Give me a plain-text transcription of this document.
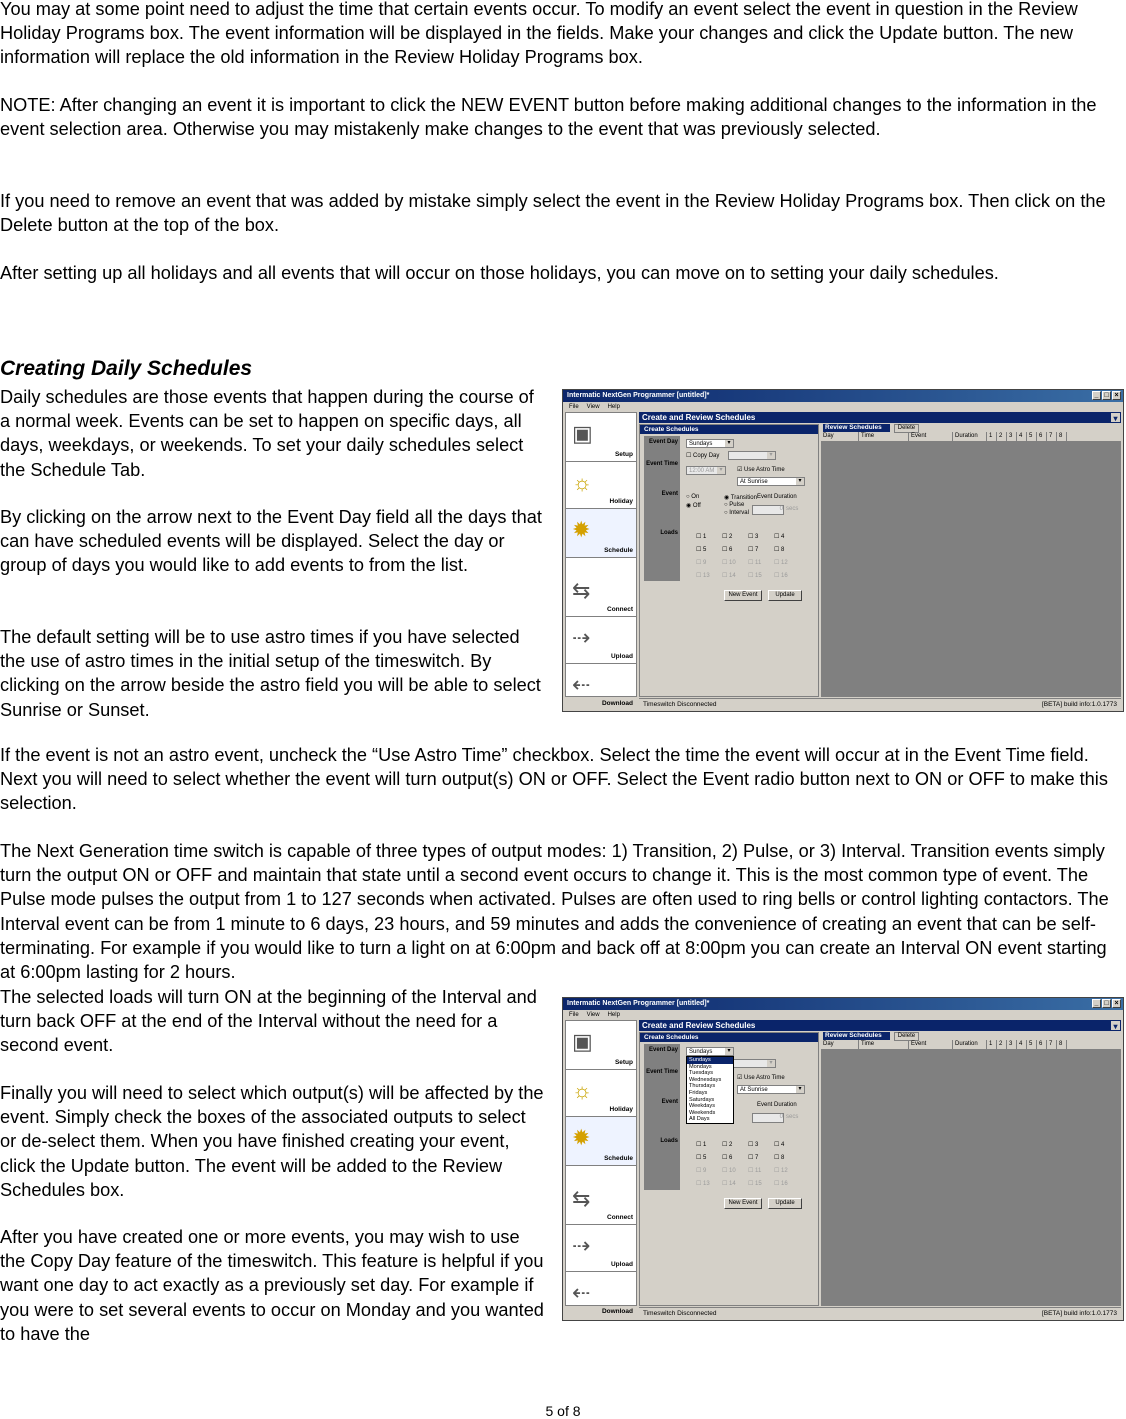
You may at some point need to adjust the time that certain events occur. To modify an event select the event in question in the Review Holiday Programs box. The event information will be displayed in the fields. Make your changes and click the Update button. The new information will replace the old information in the Review Holiday Programs box.

NOTE: After changing an event it is important to click the NEW EVENT button before making additional changes to the information in the event selection area. Otherwise you may mistakenly make changes to the event that was previously selected.

If you need to remove an event that was added by mistake simply select the event in the Review Holiday Programs box. Then click on the Delete button at the top of the box.

After setting up all holidays and all events that will occur on those holidays, you can move on to setting your daily schedules.

Creating Daily Schedules

Daily schedules are those events that happen during the course of a normal week. Events can be set to happen on specific days, all days, weekdays, or weekends. To set your daily schedules select the Schedule Tab.

By clicking on the arrow next to the Event Day field all the days that can have scheduled events will be displayed. Select the day or group of days you would like to add events to from the list.

The default setting will be to use astro times if you have selected the use of astro times in the initial setup of the timeswitch. By clicking on the arrow beside the astro field you will be able to select Sunrise or Sunset.

If the event is not an astro event, uncheck the “Use Astro Time” checkbox. Select the time the event will occur at in the Event Time field. Next you will need to select whether the event will turn output(s) ON or OFF. Select the Event radio button next to ON or OFF to make this selection.

The Next Generation time switch is capable of three types of output modes: 1) Transition, 2) Pulse, or 3) Interval. Transition events simply turn the output ON or OFF and maintain that state until a second event occurs to change it. This is the most common type of event. The Pulse mode pulses the output from 1 to 127 seconds when activated. Pulses are often used to ring bells or control lighting contactors. The Interval event can be from 1 minute to 6 days, 23 hours, and 59 minutes and adds the convenience of creating an event that can be self-terminating. For example if you would like to turn a light on at 6:00pm and back off at 8:00pm you can create an Interval ON event starting at 6:00pm lasting for 2 hours.

The selected loads will turn ON at the beginning of the Interval and turn back OFF at the end of the Interval without the need for a second event.

Finally you will need to select which output(s) will be affected by the event. Simply check the boxes of the associated outputs to select or de-select them. When you have finished creating your event, click the Update button. The event will be added to the Review Schedules box.

After you have created one or more events, you may wish to use the Copy Day feature of the timeswitch. This feature is helpful if you want one day to act exactly as a previously set day. For example if you were to set several events to occur on Monday and you wanted to have the

5 of 8
Intermatic NextGen Programmer [untitled]*	_ □ ×
File View Help
▣
Setup
☼
Holiday
✹
Schedule
⇆
Connect
⇢
Upload
⇠
Download
Create and Review Schedules	▾
Create Schedules
Event Day
Event Time
Event
Loads
Sundays ▾
☐ Copy Day
▾
12:00 AM ▾	☑ Use Astro Time
At Sunrise ▾
○ On
◉ Off
◉ Transition
○ Pulse
○ Interval
Event Duration
0 secs
☐ 1	☐ 2	☐ 3	☐ 4
☐ 5	☐ 6	☐ 7	☐ 8
☐ 9	☐ 10 ☐ 11 ☐ 12
☐ 13 ☐ 14 ☐ 15 ☐ 16
New Event	Update
Review Schedules	Delete
Day	Time	Event	Duration	1	2	3	4	5	6	7	8
Timeswitch Disconnected	[BETA] build info:1.0.1773
Intermatic NextGen Programmer [untitled]*	_ □ ×
File View Help
▣
Setup
☼
Holiday
✹
Schedule
⇆
Connect
⇢
Upload
⇠
Download
Create and Review Schedules	▾
Create Schedules
Event Day
Event Time
Event
Loads
Sundays ▾
▾
☑ Use Astro Time
At Sunrise ▾
Event Duration
0 secs
Sundays
Mondays
Tuesdays
Wednesdays
Thursdays
Fridays
Saturdays
Weekdays
Weekends
All Days
☐ 1	☐ 2	☐ 3	☐ 4
☐ 5	☐ 6	☐ 7	☐ 8
☐ 9	☐ 10 ☐ 11 ☐ 12
☐ 13 ☐ 14 ☐ 15 ☐ 16
New Event	Update
Review Schedules	Delete
Day	Time	Event	Duration	1	2	3	4	5	6	7	8
Timeswitch Disconnected	[BETA] build info:1.0.1773
